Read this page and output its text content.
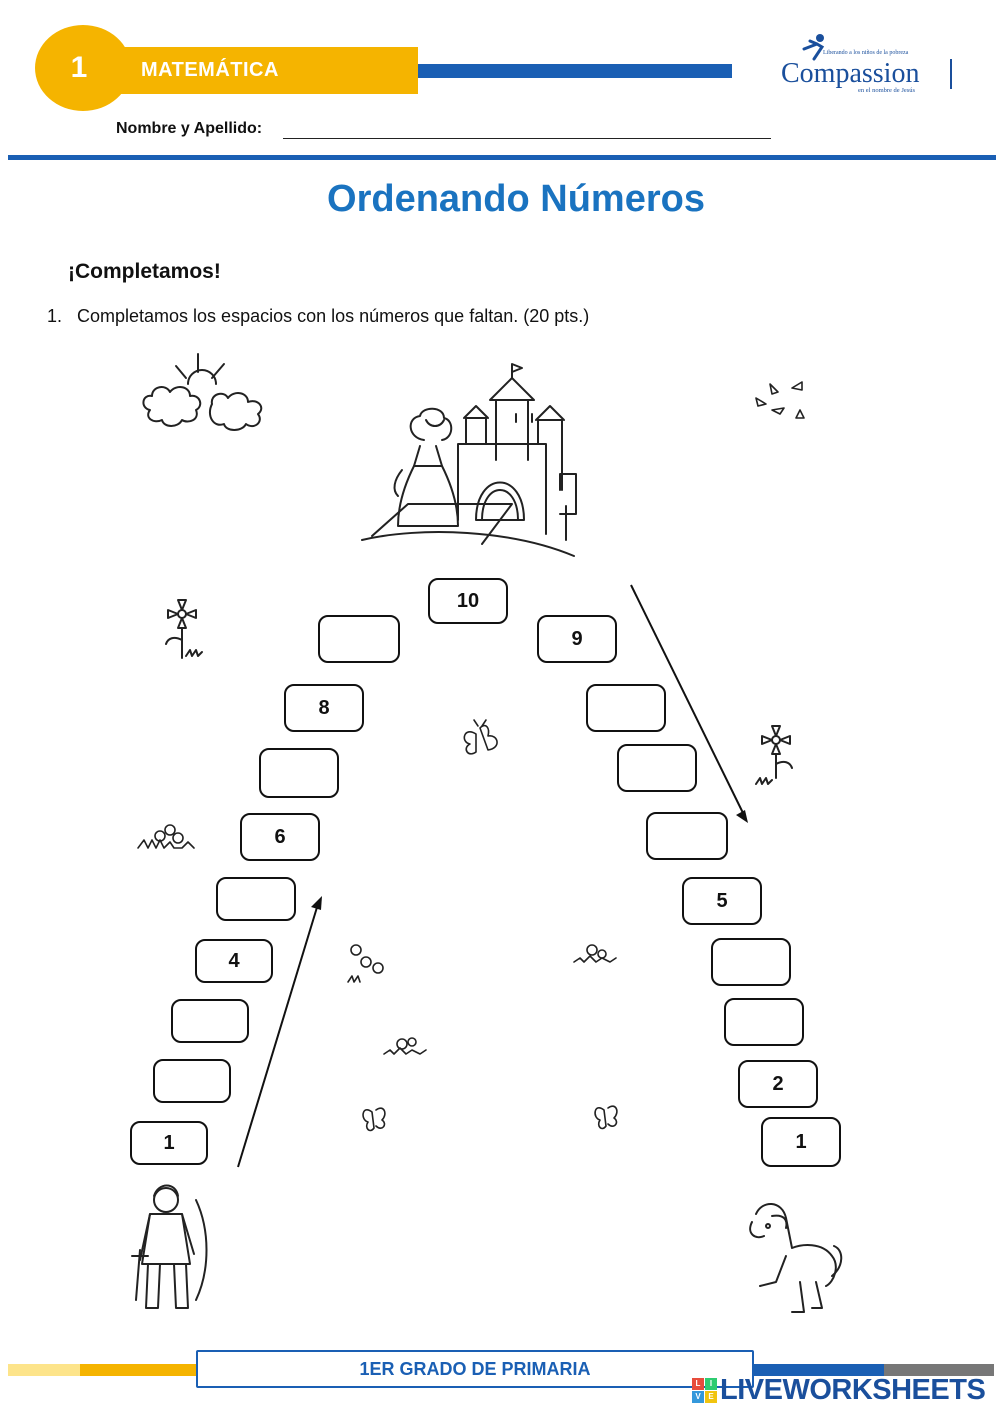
1	MATEMÁTICA
Nombre y Apellido:
Liberando a los niños de la pobreza
Compassion
en el nombre de Jesús
Ordenando Números
¡Completamos!
1. Completamos los espacios con los números que faltan. (20 pts.)
10
1
4
6
8
9
5
2
1
1ER GRADO DE PRIMARIA
L	I
V E LIVEWORKSHEETS
